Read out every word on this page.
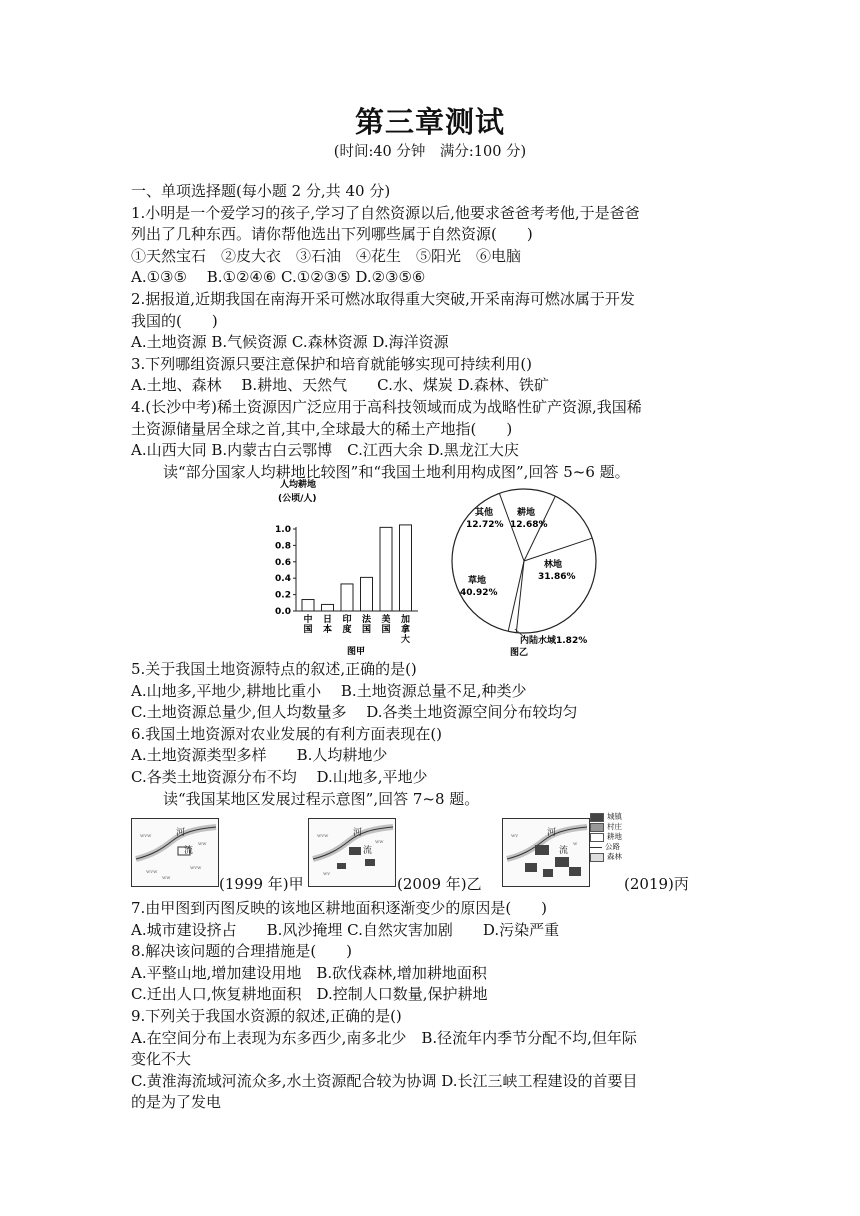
第三章测试
(时间:40 分钟　满分:100 分)
一、单项选择题(每小题 2 分,共 40 分)
1.小明是一个爱学习的孩子,学习了自然资源以后,他要求爸爸考考他,于是爸爸
列出了几种东西。请你帮他选出下列哪些属于自然资源(　　)
①天然宝石　②皮大衣　③石油　④花生　⑤阳光　⑥电脑
A.①③⑤　 B.①②④⑥ C.①②③⑤ D.②③⑤⑥
2.据报道,近期我国在南海开采可燃冰取得重大突破,开采南海可燃冰属于开发
我国的(　　)
A.土地资源 B.气候资源 C.森林资源 D.海洋资源
3.下列哪组资源只要注意保护和培育就能够实现可持续利用()
A.土地、森林　 B.耕地、天然气　　C.水、煤炭 D.森林、铁矿
4.(长沙中考)稀土资源因广泛应用于高科技领域而成为战略性矿产资源,我国稀
土资源储量居全球之首,其中,全球最大的稀土产地指(　　)
A.山西大同 B.内蒙古白云鄂博　C.江西大余 D.黑龙江大庆
读“部分国家人均耕地比较图”和“我国土地利用构成图”,回答 5~6 题。
人均耕地
(公顷/人)
0.0
0.2
0.4
0.6
0.8
1.0
中国
日本
印度
法国
美国
加拿大
图甲
其他
12.72%
耕地
12.68%
林地
31.86%
草地
40.92%
内陆水域1.82%
图乙
5.关于我国土地资源特点的叙述,正确的是()
A.山地多,平地少,耕地比重小　 B.土地资源总量不足,种类少
C.土地资源总量少,但人均数量多　 D.各类土地资源空间分布较均匀
6.我国土地资源对农业发展的有利方面表现在()
A.土地资源类型多样　　B.人均耕地少
C.各类土地资源分布不均　 D.山地多,平地少
读“我国某地区发展过程示意图”,回答 7~8 题。
河
流
wvw
wvw
wvw
ww
ww	(1999 年)甲
河
流
wvw
wv
ww
(2009 年)乙
河
流
wv
w
(2019)丙
城镇
村庄
耕地
公路
森林
7.由甲图到丙图反映的该地区耕地面积逐渐变少的原因是(　　)
A.城市建设挤占　　B.风沙掩埋 C.自然灾害加剧　　D.污染严重
8.解决该问题的合理措施是(　　)
A.平整山地,增加建设用地　B.砍伐森林,增加耕地面积
C.迁出人口,恢复耕地面积　D.控制人口数量,保护耕地
9.下列关于我国水资源的叙述,正确的是()
A.在空间分布上表现为东多西少,南多北少　B.径流年内季节分配不均,但年际
变化不大
C.黄淮海流域河流众多,水土资源配合较为协调 D.长江三峡工程建设的首要目
的是为了发电
